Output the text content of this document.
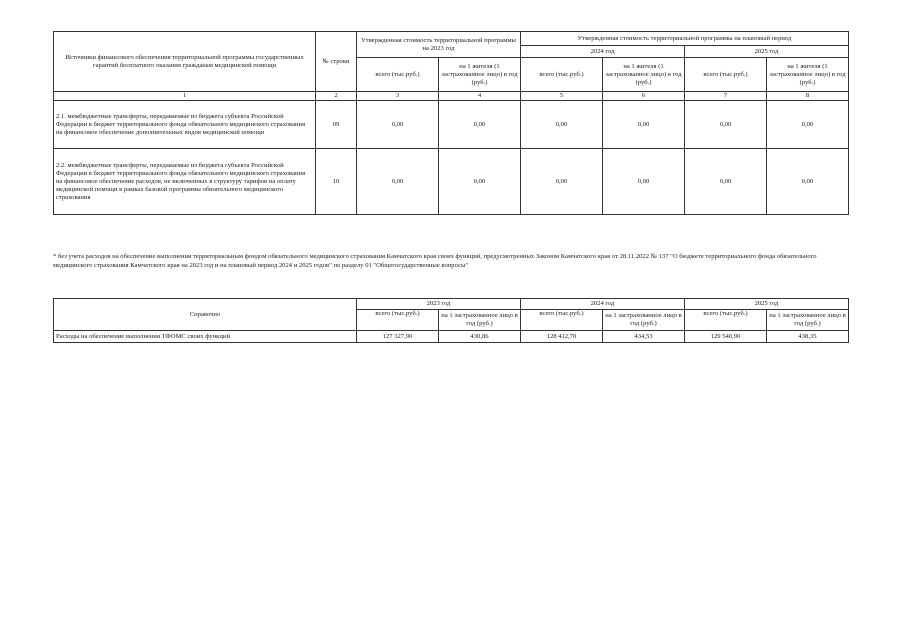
Источники финансового обеспечения территориальной программы государственных гарантий бесплатного оказания гражданам медицинской помощи	№ строки	Утвержденная стоимость территориальной программы на 2023 год		Утвержденная стоимость территориальной программы на плановый период			
				2024 год		2025 год	
		всего (тыс.руб.)	на 1 жителя (1 застрахованное лицо) в год (руб.)	всего (тыс.руб.)	на 1 жителя (1 застрахованное лицо) в год (руб.)	всего (тыс.руб.)	на 1 жителя (1 застрахованное лицо) в год (руб.)
1	2	3	4	5	6	7	8
2.1. межбюджетные трансферты, передаваемые из бюджета субъекта Российской Федерации в бюджет территориального фонда обязательного медицинского страхования на финансовое обеспечение дополнительных видов медицинской помощи	09	0,00	0,00	0,00	0,00	0,00	0,00
2.2. межбюджетные трансферты, передаваемые из бюджета субъекта Российской Федерации в бюджет территориального фонда обязательного медицинского страхования на финансовое обеспечение расходов, не включенных в структуру тарифов на оплату медицинской помощи в рамках базовой программы обязательного медицинского страхования	10	0,00	0,00	0,00	0,00	0,00	0,00
* без учета расходов на обеспечение выполнения территориальным фондом обязательного медицинского страхования Камчатского края своих функций, предусмотренных Законом Камчатского края от 28.11.2022 № 137 "О бюджете территориального фонда обязательного медицинского страхования Камчатского края на 2023 год и на плановый период 2024 и 2025 годов" по разделу 01 "Общегосударственные вопросы"
Справочно	2023 год		2024 год		2025 год	
	всего (тыс.руб.)	на 1 застрахованное лицо в год (руб.)	всего (тыс.руб.)	на 1 застрахованное лицо в год (руб.)	всего (тыс.руб.)	на 1 застрахованное лицо в год (руб.)
Расходы на обеспечение выполнения ТФОМС своих функций	127 327,90	430,86	128 412,70	434,53	129 540,90	438,35
